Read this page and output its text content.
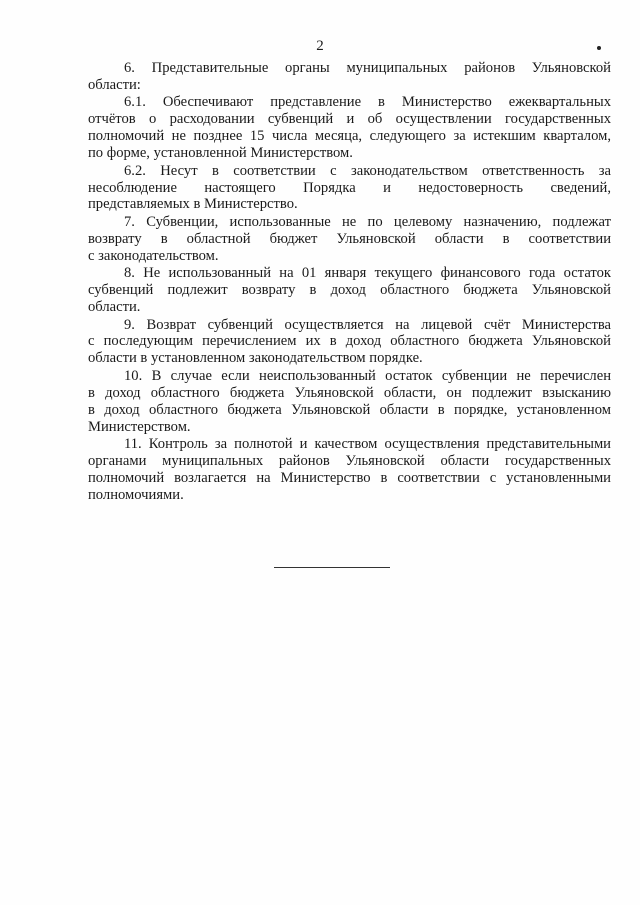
2

6. Представительные органы муниципальных районов Ульяновской
области:

6.1. Обеспечивают представление в Министерство ежеквартальных
отчётов о расходовании субвенций и об осуществлении государственных
полномочий не позднее 15 числа месяца, следующего за истекшим кварталом,
по форме, установленной Министерством.

6.2. Несут в соответствии с законодательством ответственность за
несоблюдение настоящего Порядка и недостоверность сведений,
представляемых в Министерство.

7. Субвенции, использованные не по целевому назначению, подлежат
возврату в областной бюджет Ульяновской области в соответствии
с законодательством.

8. Не использованный на 01 января текущего финансового года остаток
субвенций подлежит возврату в доход областного бюджета Ульяновской
области.

9. Возврат субвенций осуществляется на лицевой счёт Министерства
с последующим перечислением их в доход областного бюджета Ульяновской
области в установленном законодательством порядке.

10. В случае если неиспользованный остаток субвенции не перечислен
в доход областного бюджета Ульяновской области, он подлежит взысканию
в доход областного бюджета Ульяновской области в порядке, установленном
Министерством.

11. Контроль за полнотой и качеством осуществления представительными
органами муниципальных районов Ульяновской области государственных
полномочий возлагается на Министерство в соответствии с установленными
полномочиями.
